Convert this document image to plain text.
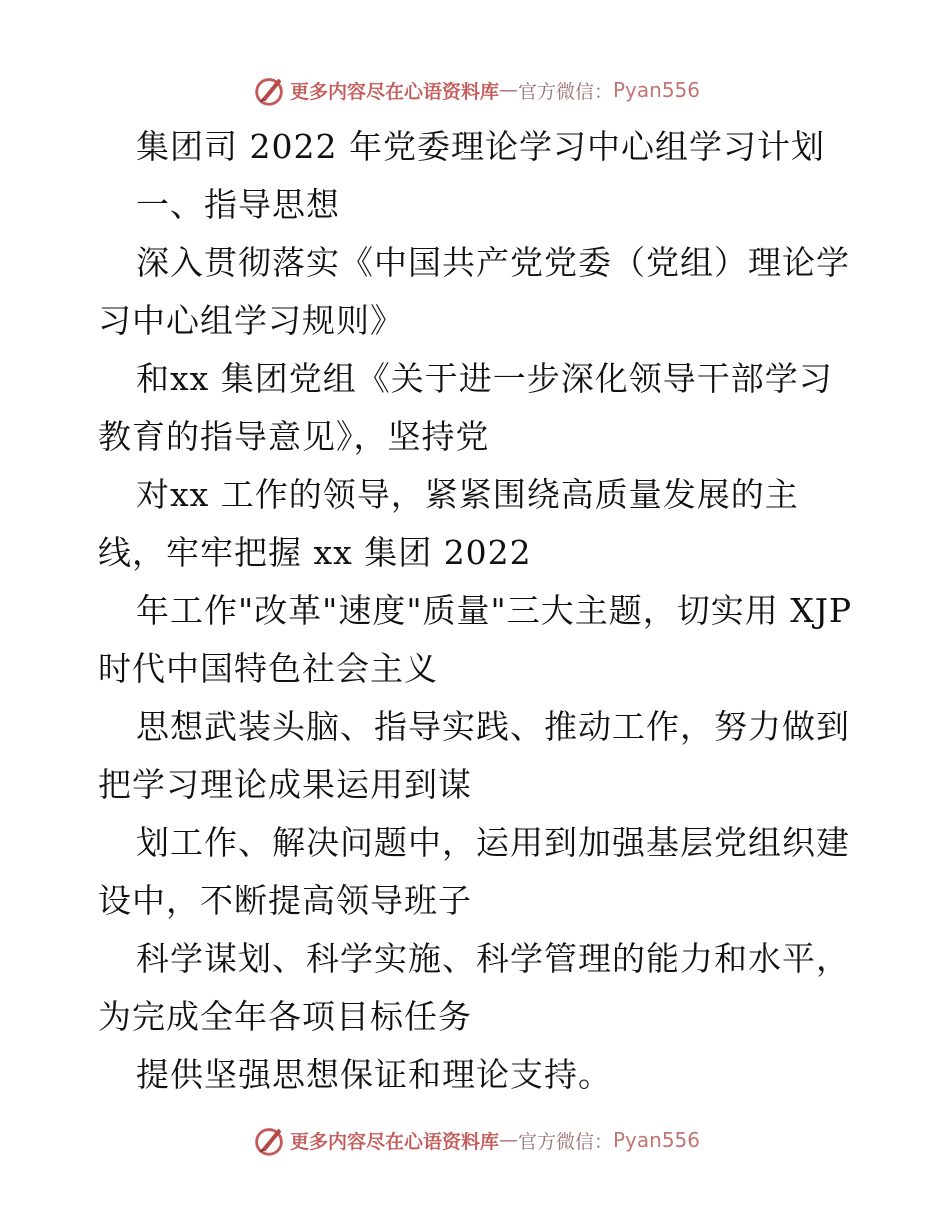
更多内容尽在心语资料库 — 官方微信： Pyan556
集团司 2022 年党委理论学习中心组学习计划
一、指导思想
深入贯彻落实《中国共产党党委（党组）理论学
习中心组学习规则》
和xx 集团党组《关于进一步深化领导干部学习
教育的指导意见》，坚持党
对xx 工作的领导，紧紧围绕高质量发展的主
线，牢牢把握 xx 集团 2022
年工作"改革"速度"质量"三大主题，切实用 XJP
时代中国特色社会主义
思想武装头脑、指导实践、推动工作，努力做到
把学习理论成果运用到谋
划工作、解决问题中，运用到加强基层党组织建
设中，不断提高领导班子
科学谋划、科学实施、科学管理的能力和水平，
为完成全年各项目标任务
提供坚强思想保证和理论支持。
更多内容尽在心语资料库 — 官方微信： Pyan556
